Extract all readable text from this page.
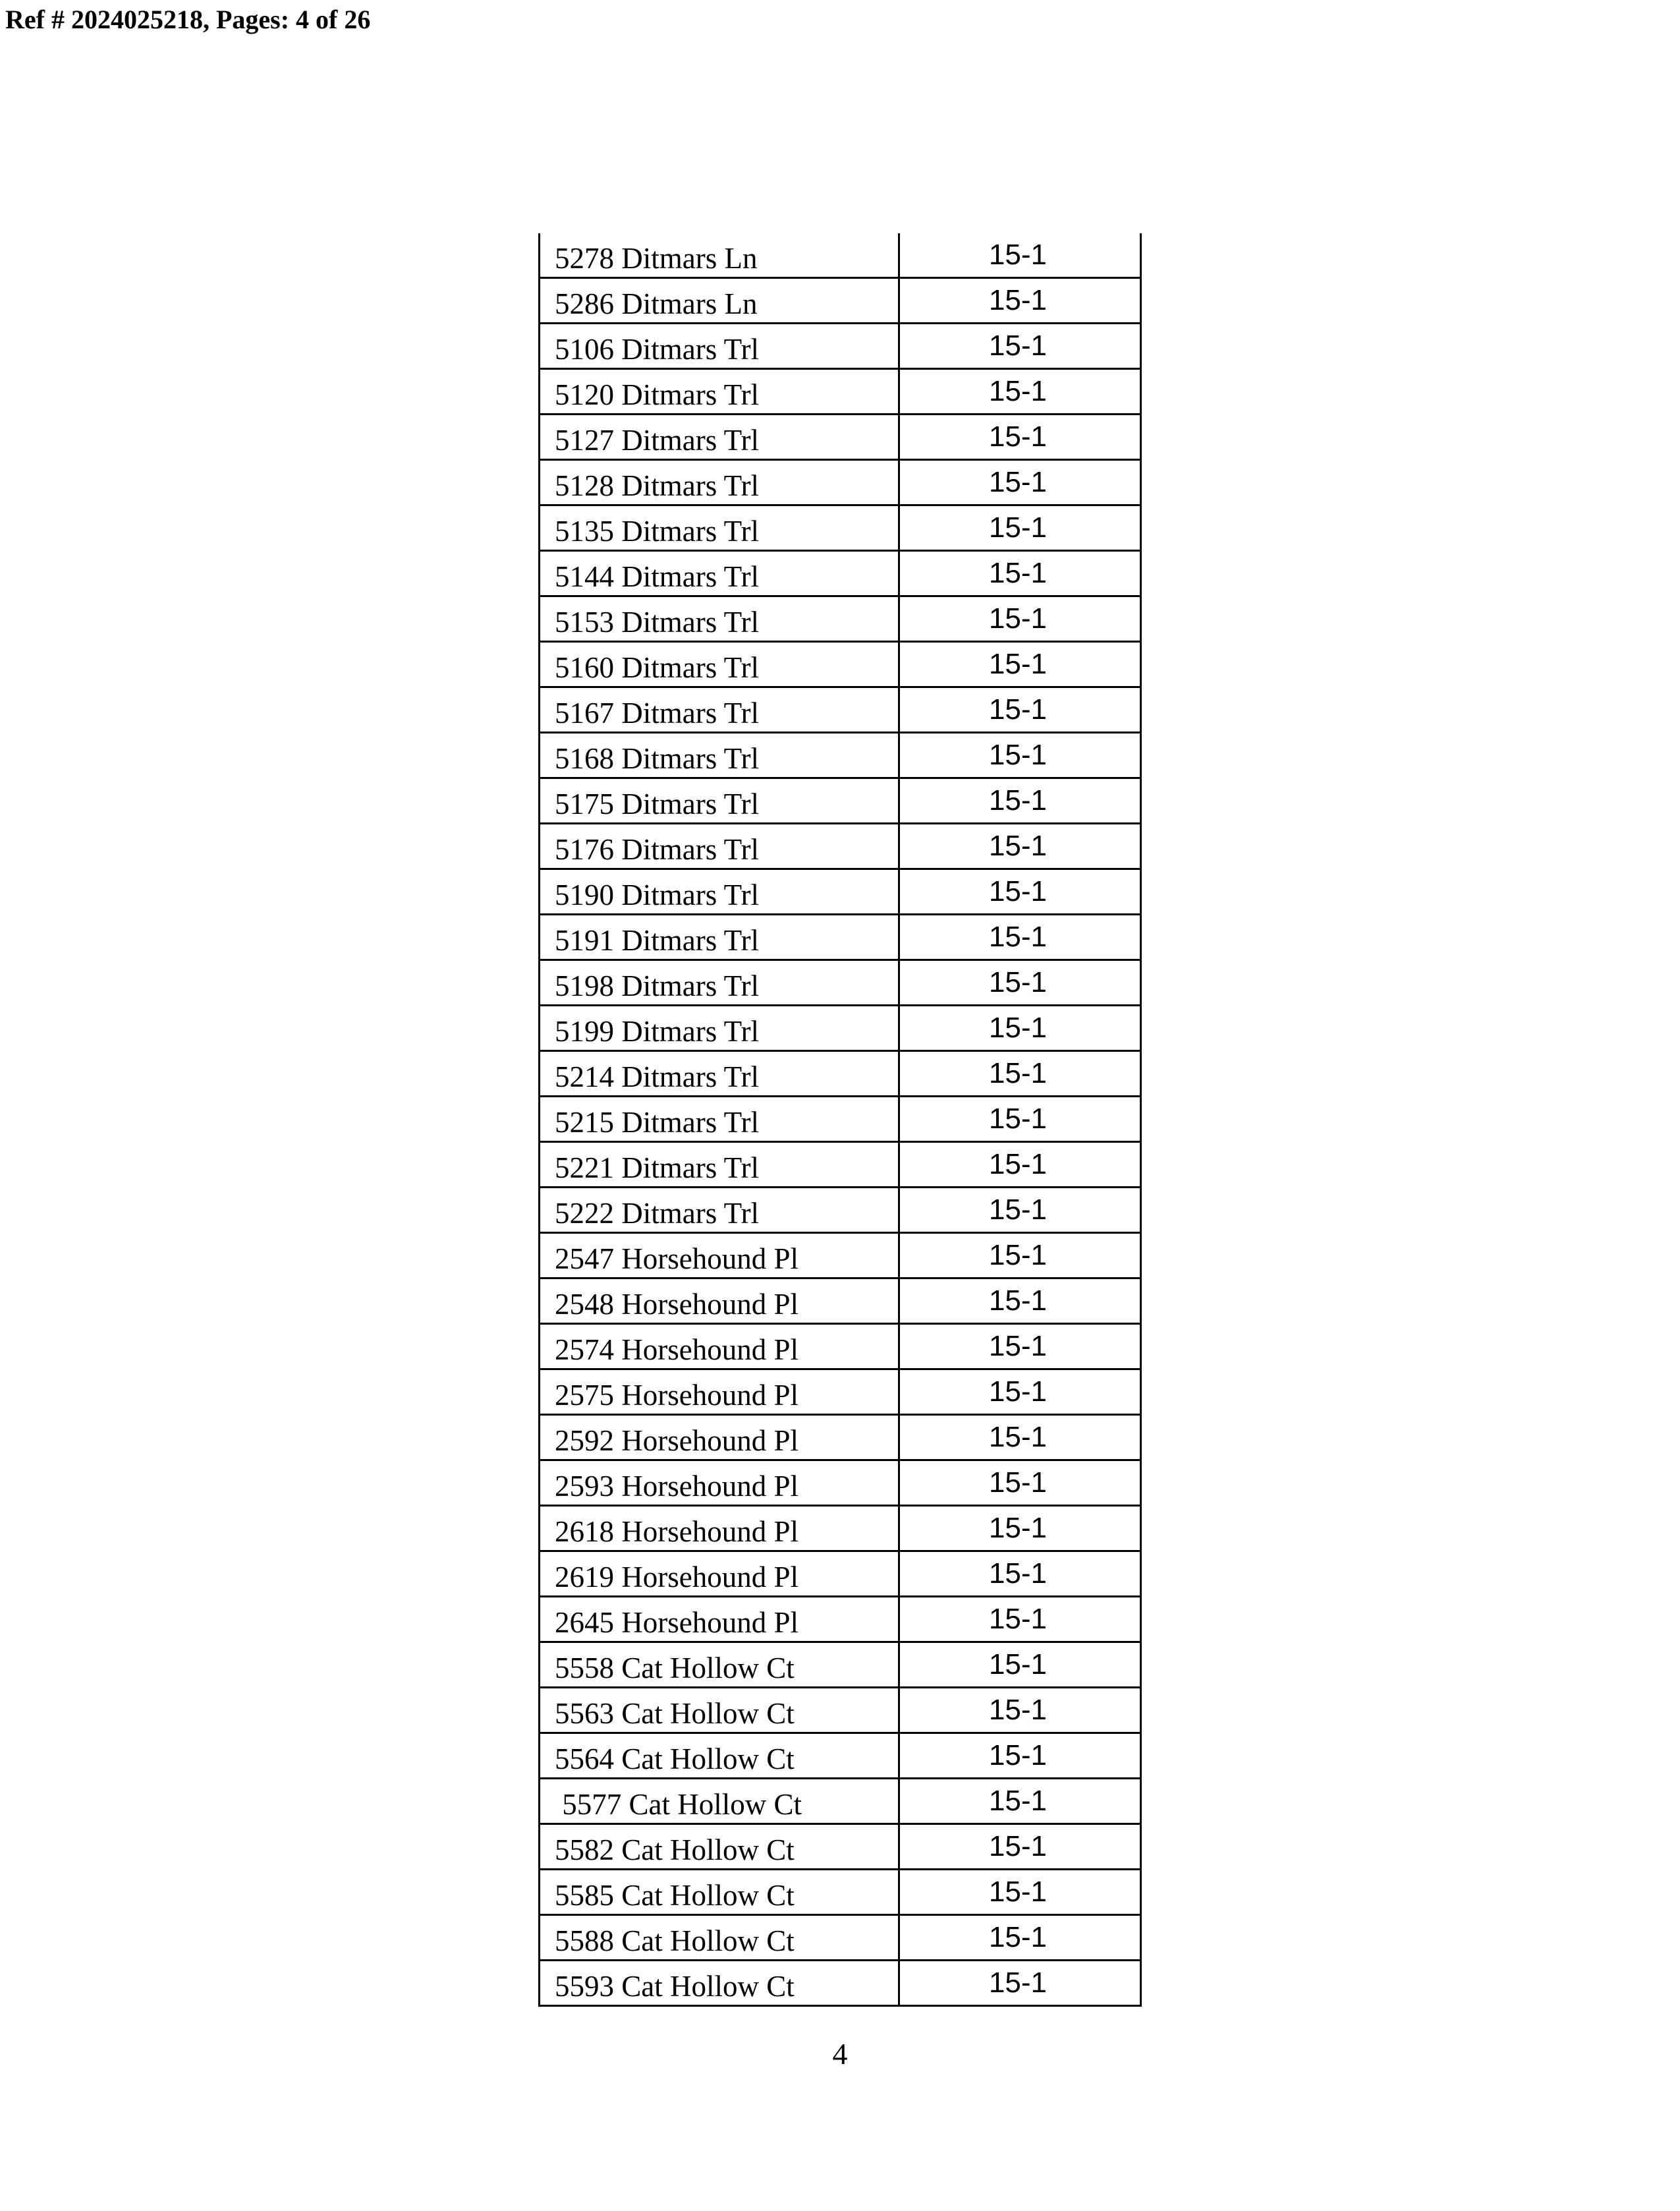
Ref # 2024025218, Pages: 4 of 26
5278 Ditmars Ln	15-1
5286 Ditmars Ln	15-1
5106 Ditmars Trl	15-1
5120 Ditmars Trl	15-1
5127 Ditmars Trl	15-1
5128 Ditmars Trl	15-1
5135 Ditmars Trl	15-1
5144 Ditmars Trl	15-1
5153 Ditmars Trl	15-1
5160 Ditmars Trl	15-1
5167 Ditmars Trl	15-1
5168 Ditmars Trl	15-1
5175 Ditmars Trl	15-1
5176 Ditmars Trl	15-1
5190 Ditmars Trl	15-1
5191 Ditmars Trl	15-1
5198 Ditmars Trl	15-1
5199 Ditmars Trl	15-1
5214 Ditmars Trl	15-1
5215 Ditmars Trl	15-1
5221 Ditmars Trl	15-1
5222 Ditmars Trl	15-1
2547 Horsehound Pl	15-1
2548 Horsehound Pl	15-1
2574 Horsehound Pl	15-1
2575 Horsehound Pl	15-1
2592 Horsehound Pl	15-1
2593 Horsehound Pl	15-1
2618 Horsehound Pl	15-1
2619 Horsehound Pl	15-1
2645 Horsehound Pl	15-1
5558 Cat Hollow Ct	15-1
5563 Cat Hollow Ct	15-1
5564 Cat Hollow Ct	15-1
5577 Cat Hollow Ct	15-1
5582 Cat Hollow Ct	15-1
5585 Cat Hollow Ct	15-1
5588 Cat Hollow Ct	15-1
5593 Cat Hollow Ct	15-1
4
